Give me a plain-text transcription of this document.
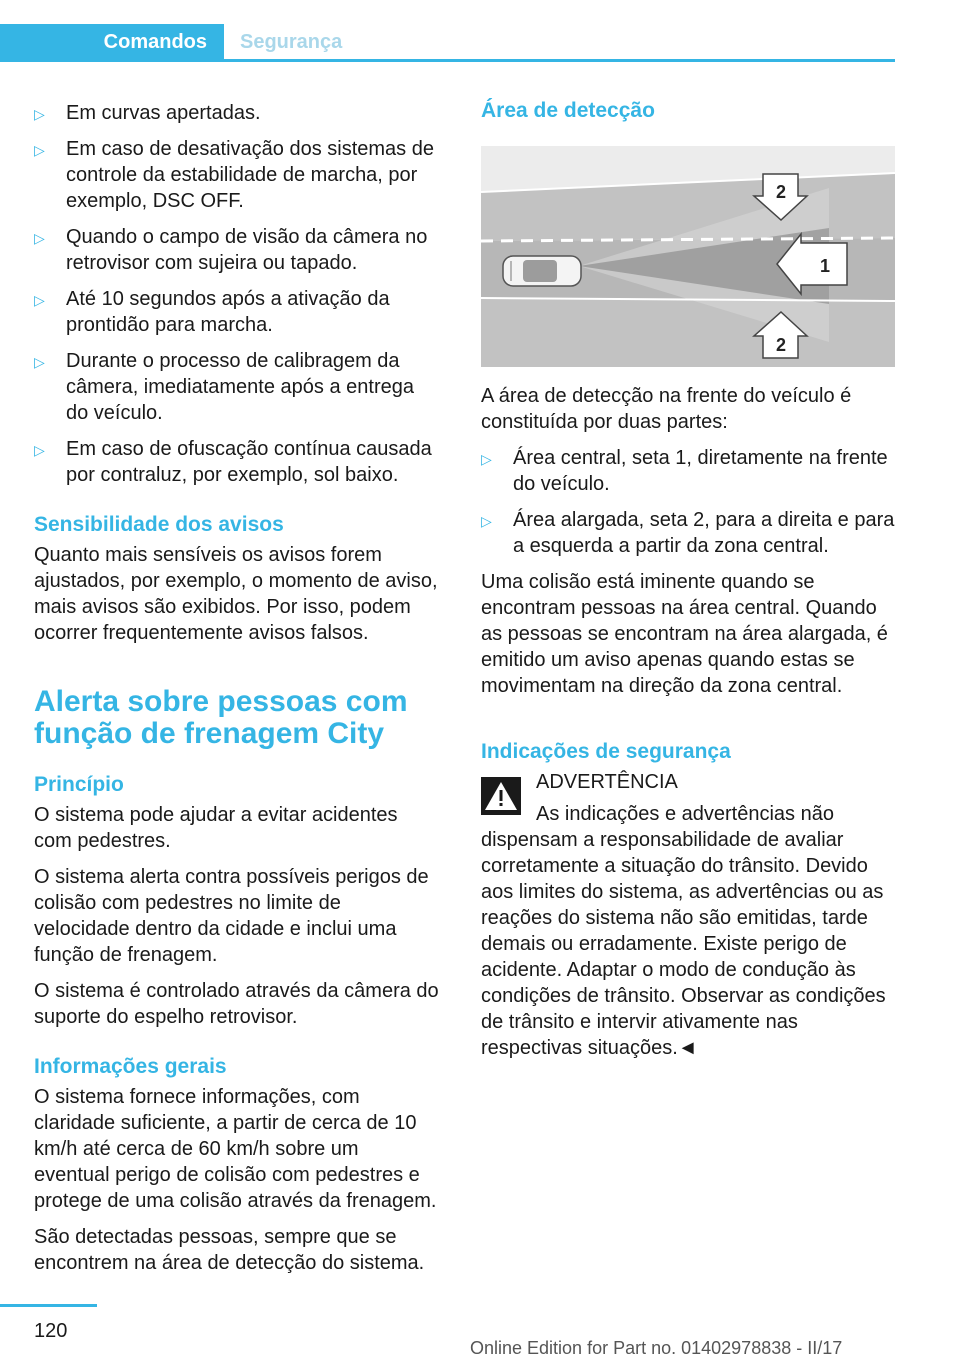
Comandos	Segurança
▷ Em curvas apertadas.
▷ Em caso de desativação dos sistemas de controle da estabilidade de marcha, por exemplo, DSC OFF.
▷ Quando o campo de visão da câmera no retrovisor com sujeira ou tapado.
▷ Até 10 segundos após a ativação da prontidão para marcha.
▷ Durante o processo de calibragem da câmera, imediatamente após a entrega do veículo.
▷ Em caso de ofuscação contínua causada por contraluz, por exemplo, sol baixo.
Sensibilidade dos avisos

Quanto mais sensíveis os avisos forem ajustados, por exemplo, o momento de aviso, mais avisos são exibidos. Por isso, podem ocorrer frequentemente avisos falsos.

Alerta sobre pessoas com função de frenagem City
Princípio

O sistema pode ajudar a evitar acidentes com pedestres.

O sistema alerta contra possíveis perigos de colisão com pedestres no limite de velocidade dentro da cidade e inclui uma função de frenagem.

O sistema é controlado através da câmera do suporte do espelho retrovisor.

Informações gerais

O sistema fornece informações, com claridade suficiente, a partir de cerca de 10 km/h até cerca de 60 km/h sobre um eventual perigo de colisão com pedestres e protege de uma colisão através da frenagem.

São detectadas pessoas, sempre que se encontrem na área de detecção do sistema.

Área de detecção
2
1
2

A área de detecção na frente do veículo é constituída por duas partes:

▷ Área central, seta 1, diretamente na frente do veículo.
▷ Área alargada, seta 2, para a direita e para a esquerda a partir da zona central.

Uma colisão está iminente quando se encontram pessoas na área central. Quando as pessoas se encontram na área alargada, é emitido um aviso apenas quando estas se movimentam na direção da zona central.

Indicações de segurança

ADVERTÊNCIA

As indicações e advertências não dispensam a responsabilidade de avaliar corretamente a situação do trânsito. Devido aos limites do sistema, as advertências ou as reações do sistema não são emitidas, tarde demais ou erradamente. Existe perigo de acidente. Adaptar o modo de condução às condições de trânsito. Observar as condições de trânsito e intervir ativamente nas respectivas situações.◄

120
Online Edition for Part no. 01402978838 - II/17
